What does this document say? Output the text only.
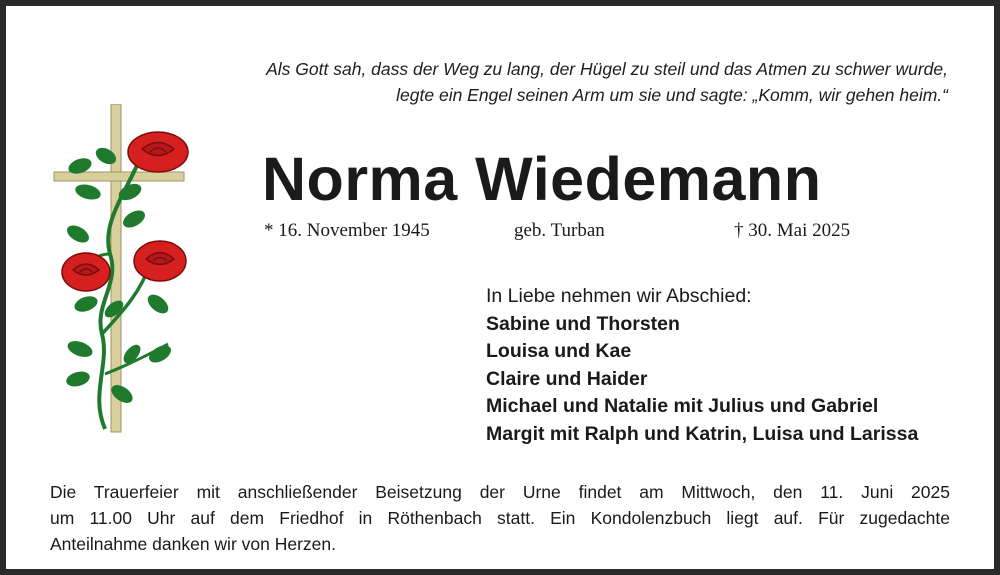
Als Gott sah, dass der Weg zu lang, der Hügel zu steil und das Atmen zu schwer wurde,
legte ein Engel seinen Arm um sie und sagte: „Komm, wir gehen heim.“
Norma Wiedemann
* 16. November 1945	geb. Turban	† 30. Mai 2025
In Liebe nehmen wir Abschied:
Sabine und Thorsten
Louisa und Kae
Claire und Haider
Michael und Natalie mit Julius und Gabriel
Margit mit Ralph und Katrin, Luisa und Larissa
Die Trauerfeier mit anschließender Beisetzung der Urne findet am Mittwoch, den 11. Juni 2025
um 11.00 Uhr auf dem Friedhof in Röthenbach statt. Ein Kondolenzbuch liegt auf. Für zugedachte
Anteilnahme danken wir von Herzen.
